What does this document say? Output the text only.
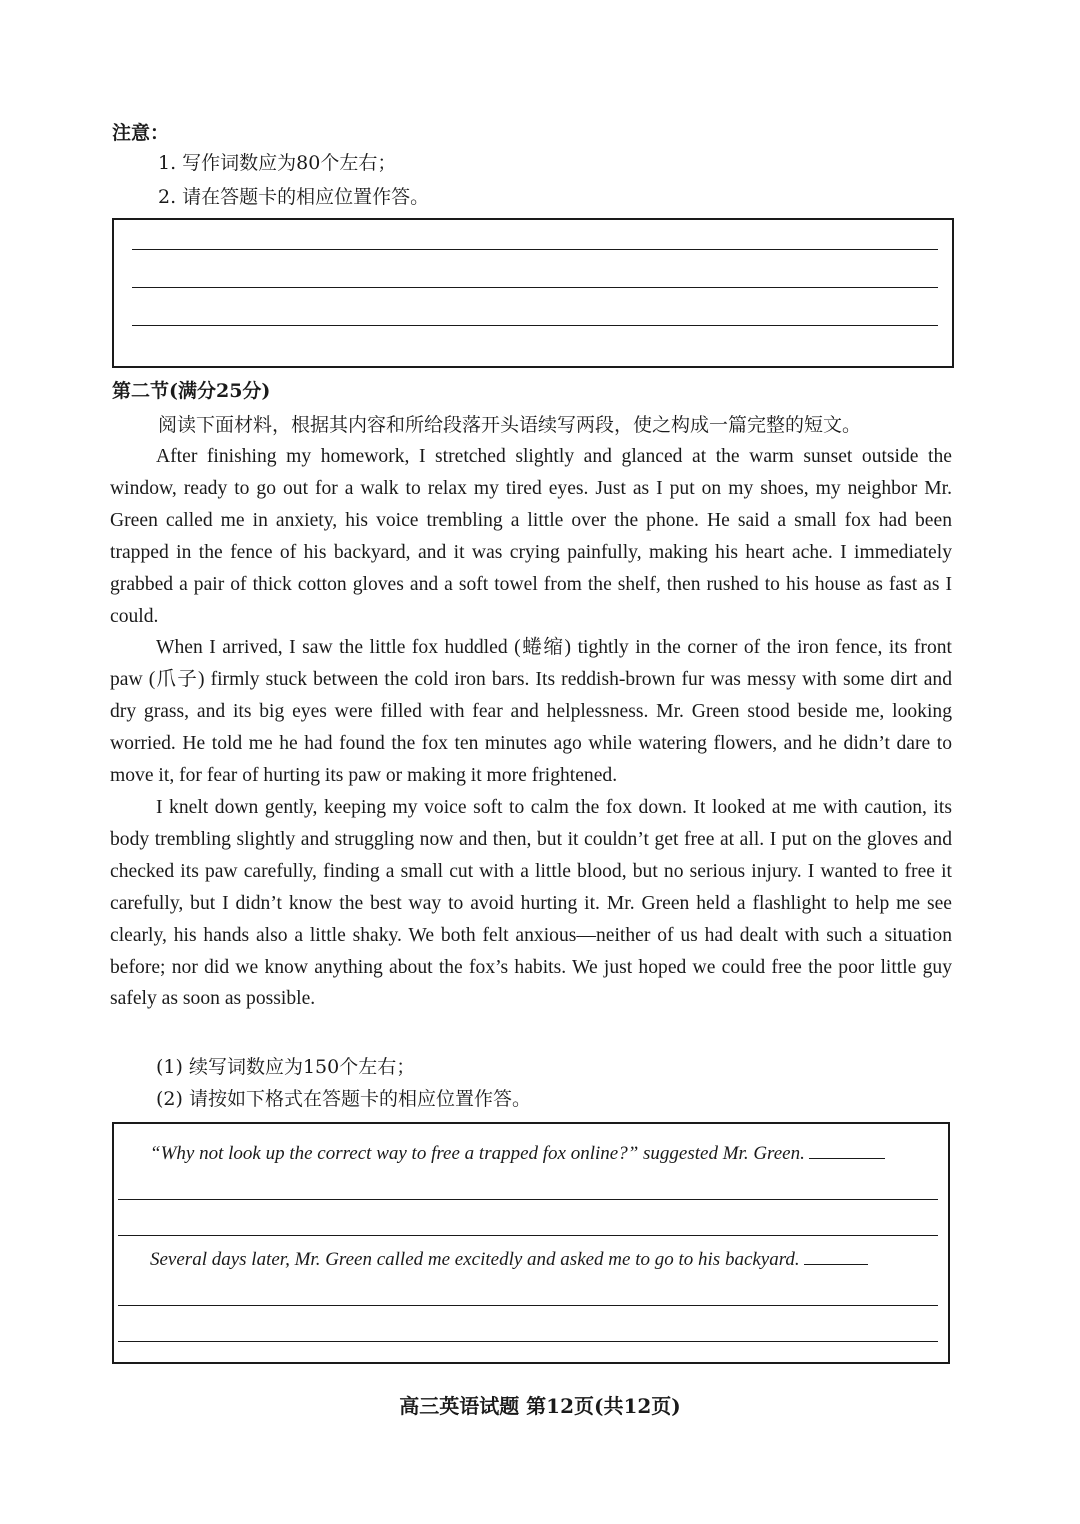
注意：
1. 写作词数应为80个左右；
2. 请在答题卡的相应位置作答。
第二节(满分25分)
阅读下面材料，根据其内容和所给段落开头语续写两段，使之构成一篇完整的短文。

After finishing my homework, I stretched slightly and glanced at the warm sunset outside the window, ready to go out for a walk to relax my tired eyes. Just as I put on my shoes, my neighbor Mr. Green called me in anxiety, his voice trembling a little over the phone. He said a small fox had been trapped in the fence of his backyard, and it was crying painfully, making his heart ache. I immediately grabbed a pair of thick cotton gloves and a soft towel from the shelf, then rushed to his house as fast as I could.

When I arrived, I saw the little fox huddled (蜷缩) tightly in the corner of the iron fence, its front paw (爪子) firmly stuck between the cold iron bars. Its reddish-brown fur was messy with some dirt and dry grass, and its big eyes were filled with fear and helplessness. Mr. Green stood beside me, looking worried. He told me he had found the fox ten minutes ago while watering flowers, and he didn’t dare to move it, for fear of hurting its paw or making it more frightened.

I knelt down gently, keeping my voice soft to calm the fox down. It looked at me with caution, its body trembling slightly and struggling now and then, but it couldn’t get free at all. I put on the gloves and checked its paw carefully, finding a small cut with a little blood, but no serious injury. I wanted to free it carefully, but I didn’t know the best way to avoid hurting it. Mr. Green held a flashlight to help me see clearly, his hands also a little shaky. We both felt anxious—neither of us had dealt with such a situation before; nor did we know anything about the fox’s habits. We just hoped we could free the poor little guy safely as soon as possible.

(1) 续写词数应为150个左右；
(2) 请按如下格式在答题卡的相应位置作答。
“Why not look up the correct way to free a trapped fox online?” suggested Mr. Green.
Several days later, Mr. Green called me excitedly and asked me to go to his backyard.
高三英语试题 第12页(共12页)
